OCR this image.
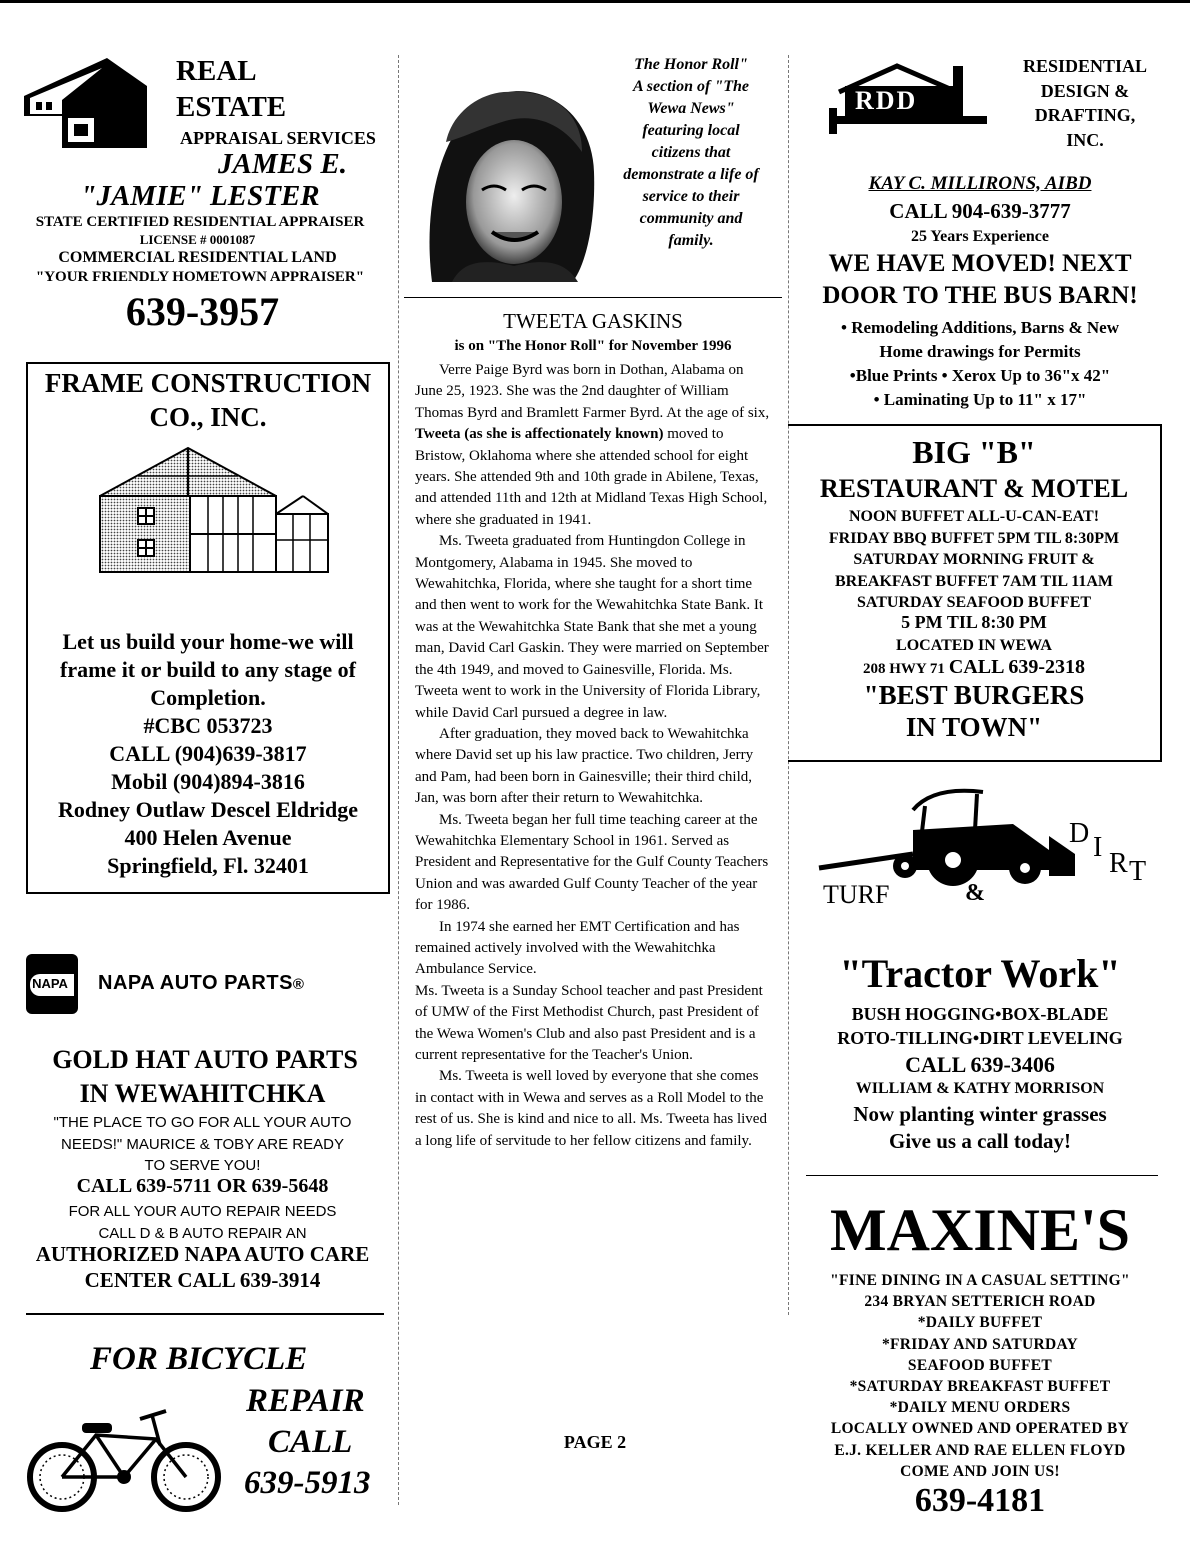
REAL
ESTATE
APPRAISAL SERVICES
JAMES E.
"JAMIE" LESTER
STATE CERTIFIED RESIDENTIAL APPRAISER
LICENSE # 0001087
COMMERCIAL RESIDENTIAL LAND
"YOUR FRIENDLY HOMETOWN APPRAISER"
639-3957
FRAME CONSTRUCTION
CO., INC.
Let us build your home-we will
frame it or build to any stage of
Completion.
#CBC 053723
CALL (904)639-3817
Mobil (904)894-3816
Rodney Outlaw Descel Eldridge
400 Helen Avenue
Springfield, Fl. 32401
NAPA NAPA AUTO PARTS®
GOLD HAT AUTO PARTS
IN WEWAHITCHKA
"THE PLACE TO GO FOR ALL YOUR AUTO
NEEDS!" MAURICE & TOBY ARE READY
TO SERVE YOU!
CALL 639-5711 OR 639-5648
FOR ALL YOUR AUTO REPAIR NEEDS
CALL D & B AUTO REPAIR AN
AUTHORIZED NAPA AUTO CARE
CENTER CALL 639-3914
FOR BICYCLE
REPAIR
CALL
639-5913
The Honor Roll"
A section of "The
Wewa News"
featuring local
citizens that
demonstrate a life of
service to their
community and
family.
TWEETA GASKINS
is on "The Honor Roll" for November 1996

Verre Paige Byrd was born in Dothan, Alabama on June 25, 1923. She was the 2nd daughter of William Thomas Byrd and Bramlett Farmer Byrd. At the age of six, Tweeta (as she is affectionately known) moved to Bristow, Oklahoma where she attended school for eight years. She attended 9th and 10th grade in Abilene, Texas, and attended 11th and 12th at Midland Texas High School, where she graduated in 1941.

Ms. Tweeta graduated from Huntingdon College in Montgomery, Alabama in 1945. She moved to Wewahitchka, Florida, where she taught for a short time and then went to work for the Wewahitchka State Bank. It was at the Wewahitchka State Bank that she met a young man, David Carl Gaskin. They were married on September the 4th 1949, and moved to Gainesville, Florida. Ms. Tweeta went to work in the University of Florida Library, while David Carl pursued a degree in law.

After graduation, they moved back to Wewahitchka where David set up his law practice. Two children, Jerry and Pam, had been born in Gainesville; their third child, Jan, was born after their return to Wewahitchka.

Ms. Tweeta began her full time teaching career at the Wewahitchka Elementary School in 1961. Served as President and Representative for the Gulf County Teachers Union and was awarded Gulf County Teacher of the year for 1986.

In 1974 she earned her EMT Certification and has remained actively involved with the Wewahitchka Ambulance Service.

Ms. Tweeta is a Sunday School teacher and past President of UMW of the First Methodist Church, past President of the Wewa Women's Club and also past President and is a current representative for the Teacher's Union.

Ms. Tweeta is well loved by everyone that she comes in contact with in Wewa and serves as a Roll Model to the rest of us. She is kind and nice to all. Ms. Tweeta has lived a long life of servitude to her fellow citizens and family.

PAGE 2
RDD
RESIDENTIAL
DESIGN &
DRAFTING,
INC.
KAY C. MILLIRONS, AIBD
CALL 904-639-3777
25 Years Experience
WE HAVE MOVED! NEXT
DOOR TO THE BUS BARN!
• Remodeling Additions, Barns & New
Home drawings for Permits
•Blue Prints • Xerox Up to 36"x 42"
• Laminating Up to 11" x 17"
BIG "B"
RESTAURANT & MOTEL
NOON BUFFET ALL-U-CAN-EAT!
FRIDAY BBQ BUFFET 5PM TIL 8:30PM
SATURDAY MORNING FRUIT &
BREAKFAST BUFFET 7AM TIL 11AM
SATURDAY SEAFOOD BUFFET
5 PM TIL 8:30 PM
LOCATED IN WEWA
208 HWY 71 CALL 639-2318
"BEST BURGERS
IN TOWN"
TURF	&
D I
R T
"Tractor Work"
BUSH HOGGING•BOX-BLADE
ROTO-TILLING•DIRT LEVELING
CALL 639-3406
WILLIAM & KATHY MORRISON
Now planting winter grasses
Give us a call today!
MAXINE'S
"FINE DINING IN A CASUAL SETTING"
234 BRYAN SETTERICH ROAD
*DAILY BUFFET
*FRIDAY AND SATURDAY
SEAFOOD BUFFET
*SATURDAY BREAKFAST BUFFET
*DAILY MENU ORDERS
LOCALLY OWNED AND OPERATED BY
E.J. KELLER AND RAE ELLEN FLOYD
COME AND JOIN US!
639-4181
